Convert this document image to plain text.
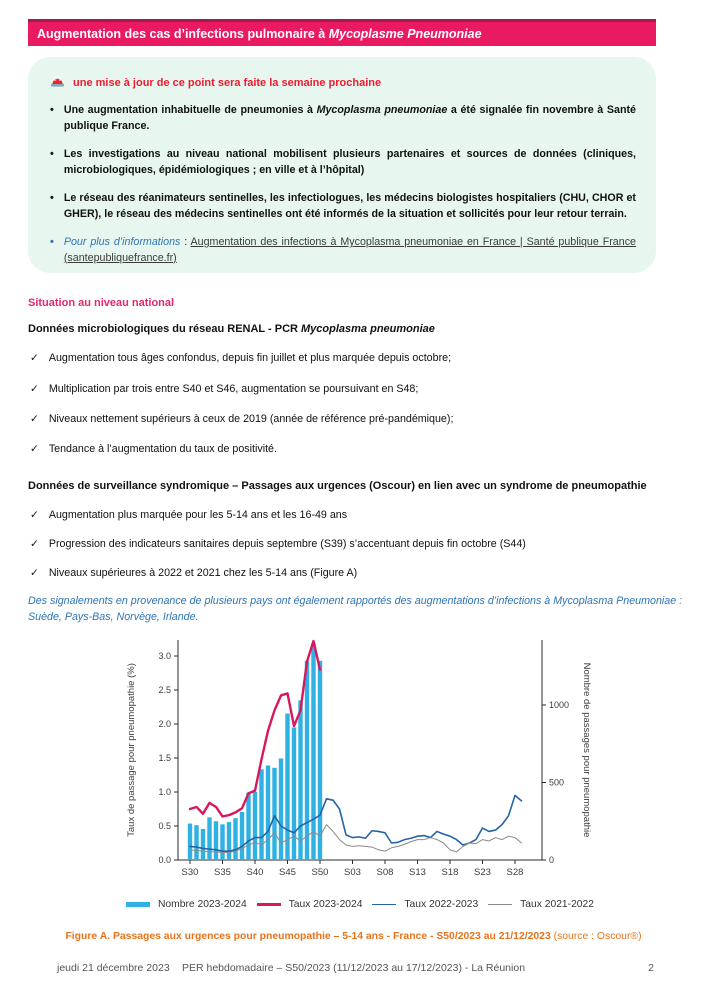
Augmentation des cas d’infections pulmonaire à Mycoplasme Pneumoniae
une mise à jour de ce point sera faite la semaine prochaine
• Une augmentation inhabituelle de pneumonies à Mycoplasma pneumoniae a été signalée fin novembre à Santé publique France.
• Les investigations au niveau national mobilisent plusieurs partenaires et sources de données (cliniques, microbiologiques, épidémiologiques ; en ville et à l’hôpital)
• Le réseau des réanimateurs sentinelles, les infectiologues, les médecins biologistes hospitaliers (CHU, CHOR et GHER), le réseau des médecins sentinelles ont été informés de la situation et sollicités pour leur retour terrain.
• Pour plus d’informations : Augmentation des infections à Mycoplasma pneumoniae en France | Santé publique France (santepubliquefrance.fr)
Situation au niveau national
Données microbiologiques du réseau RENAL - PCR Mycoplasma pneumoniae
✓ Augmentation tous âges confondus, depuis fin juillet et plus marquée depuis octobre;
✓ Multiplication par trois entre S40 et S46, augmentation se poursuivant en S48;
✓ Niveaux nettement supérieurs à ceux de 2019 (année de référence pré-pandémique);
✓ Tendance à l’augmentation du taux de positivité.
Données de surveillance syndromique – Passages aux urgences (Oscour) en lien avec un syndrome de pneumopathie
✓ Augmentation plus marquée pour les 5-14 ans et les 16-49 ans
✓ Progression des indicateurs sanitaires depuis septembre (S39) s’accentuant depuis fin octobre (S44)
✓ Niveaux supérieures à 2022 et 2021 chez les 5-14 ans (Figure A)
Des signalements en provenance de plusieurs pays ont également rapportés des augmentations d’infections à Mycoplasma Pneumoniae : Suède, Pays-Bas, Norvège, Irlande.
0.0
0.5
1.0
1.5
2.0
2.5
3.0
0
500
1000
S30 S35 S40 S45 S50 S03 S08 S13 S18 S23 S28
Taux de passage pour pneumopathie (%)	Nombre de passages pour pneumopathie
Nombre 2023-2024	Taux 2023-2024	Taux 2022-2023	Taux 2021-2022
Figure A. Passages aux urgences pour pneumopathie – 5-14 ans - France - S50/2023 au 21/12/2023 (source : Oscour®)
jeudi 21 décembre 2023	PER hebdomadaire – S50/2023 (11/12/2023 au 17/12/2023) - La Réunion	2
